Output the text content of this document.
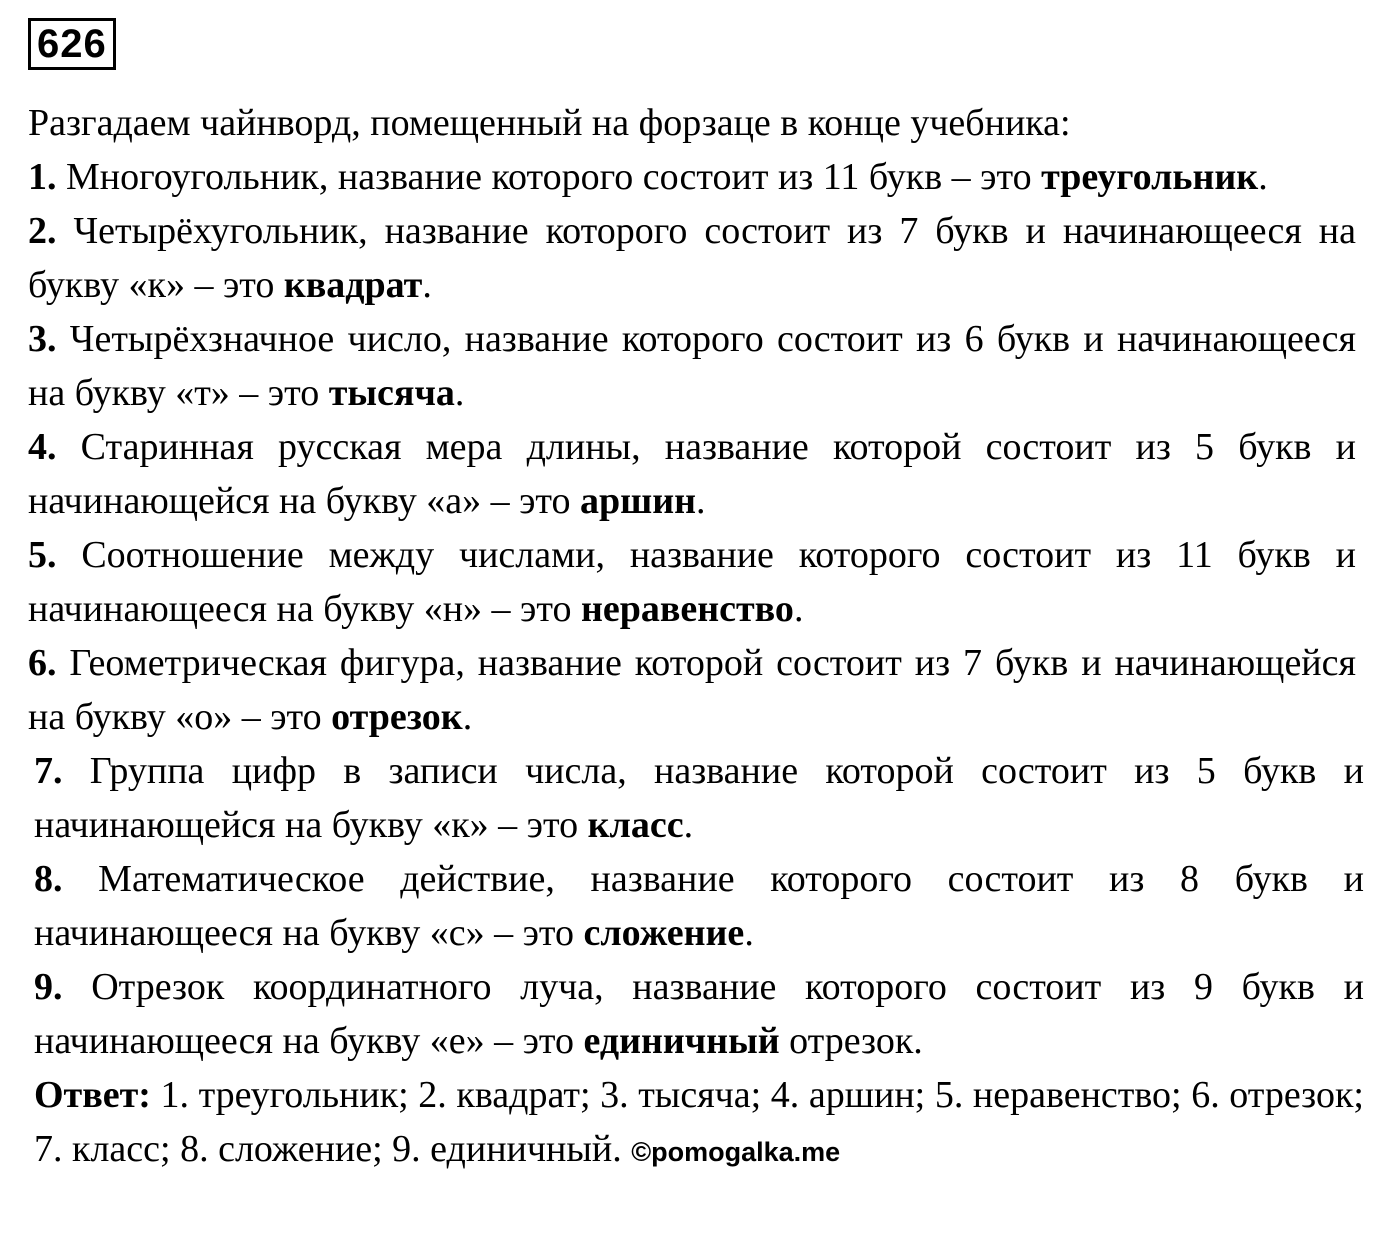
626

Разгадаем чайнворд, помещенный на форзаце в конце учебника:

1. Многоугольник, название которого состоит из 11 букв – это треугольник.

2. Четырёхугольник, название которого состоит из 7 букв и начинающееся на букву «к» – это квадрат.

3. Четырёхзначное число, название которого состоит из 6 букв и начинающееся на букву «т» – это тысяча.

4. Старинная русская мера длины, название которой состоит из 5 букв и начинающейся на букву «а» – это аршин.

5. Соотношение между числами, название которого состоит из 11 букв и начинающееся на букву «н» – это неравенство.

6. Геометрическая фигура, название которой состоит из 7 букв и начинающейся на букву «о» – это отрезок.

7. Группа цифр в записи числа, название которой состоит из 5 букв и начинающейся на букву «к» – это класс.

8. Математическое действие, название которого состоит из 8 букв и начинающееся на букву «с» – это сложение.

9. Отрезок координатного луча, название которого состоит из 9 букв и начинающееся на букву «е» – это единичный отрезок.

Ответ: 1. треугольник; 2. квадрат; 3. тысяча; 4. аршин; 5. неравенство; 6. отрезок; 7. класс; 8. сложение; 9. единичный. ©pomogalka.me
